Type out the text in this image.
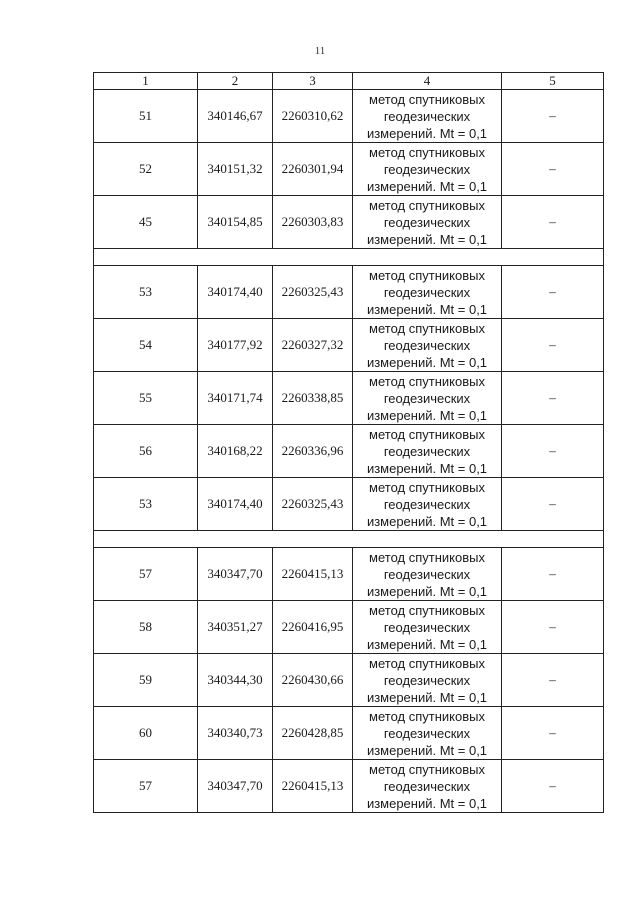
11
1	2	3	4	5
51	340146,67	2260310,62	метод спутниковых
геодезических
измерений. Mt = 0,1	–
52	340151,32	2260301,94	метод спутниковых
геодезических
измерений. Mt = 0,1	–
45	340154,85	2260303,83	метод спутниковых
геодезических
измерений. Mt = 0,1	–

53	340174,40	2260325,43	метод спутниковых
геодезических
измерений. Mt = 0,1	–
54	340177,92	2260327,32	метод спутниковых
геодезических
измерений. Mt = 0,1	–
55	340171,74	2260338,85	метод спутниковых
геодезических
измерений. Mt = 0,1	–
56	340168,22	2260336,96	метод спутниковых
геодезических
измерений. Mt = 0,1	–
53	340174,40	2260325,43	метод спутниковых
геодезических
измерений. Mt = 0,1	–

57	340347,70	2260415,13	метод спутниковых
геодезических
измерений. Mt = 0,1	–
58	340351,27	2260416,95	метод спутниковых
геодезических
измерений. Mt = 0,1	–
59	340344,30	2260430,66	метод спутниковых
геодезических
измерений. Mt = 0,1	–
60	340340,73	2260428,85	метод спутниковых
геодезических
измерений. Mt = 0,1	–
57	340347,70	2260415,13	метод спутниковых
геодезических
измерений. Mt = 0,1	–
